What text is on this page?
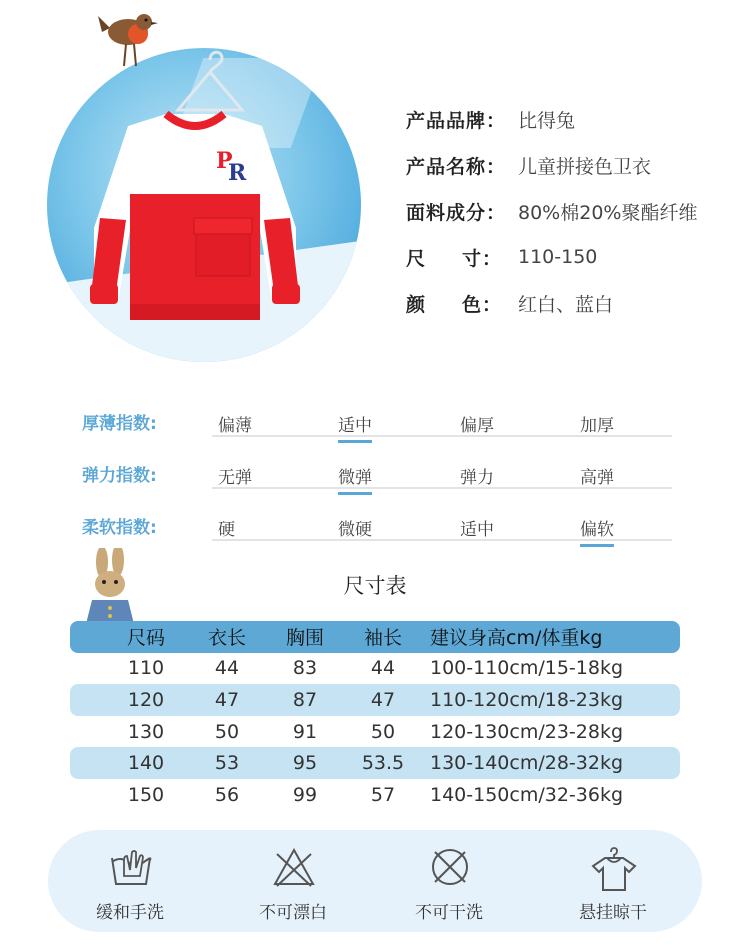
P
R
产品品牌： 比得兔
产品名称： 儿童拼接色卫衣
面料成分： 80%棉20%聚酯纤维
尺 寸： 110-150
颜 色： 红白、蓝白
厚薄指数:	偏薄	适中	偏厚	加厚
弹力指数:	无弹	微弹	弹力	高弹
柔软指数:	硬	微硬	适中	偏软
尺寸表
尺码	衣长	胸围	袖长	建议身高cm/体重kg
110	44	83	44	100-110cm/15-18kg
120	47	87	47	110-120cm/18-23kg
130	50	91	50	120-130cm/23-28kg
140	53	95	53.5	130-140cm/28-32kg
150	56	99	57	140-150cm/32-36kg
缓和手洗	不可漂白	不可干洗	悬挂晾干
